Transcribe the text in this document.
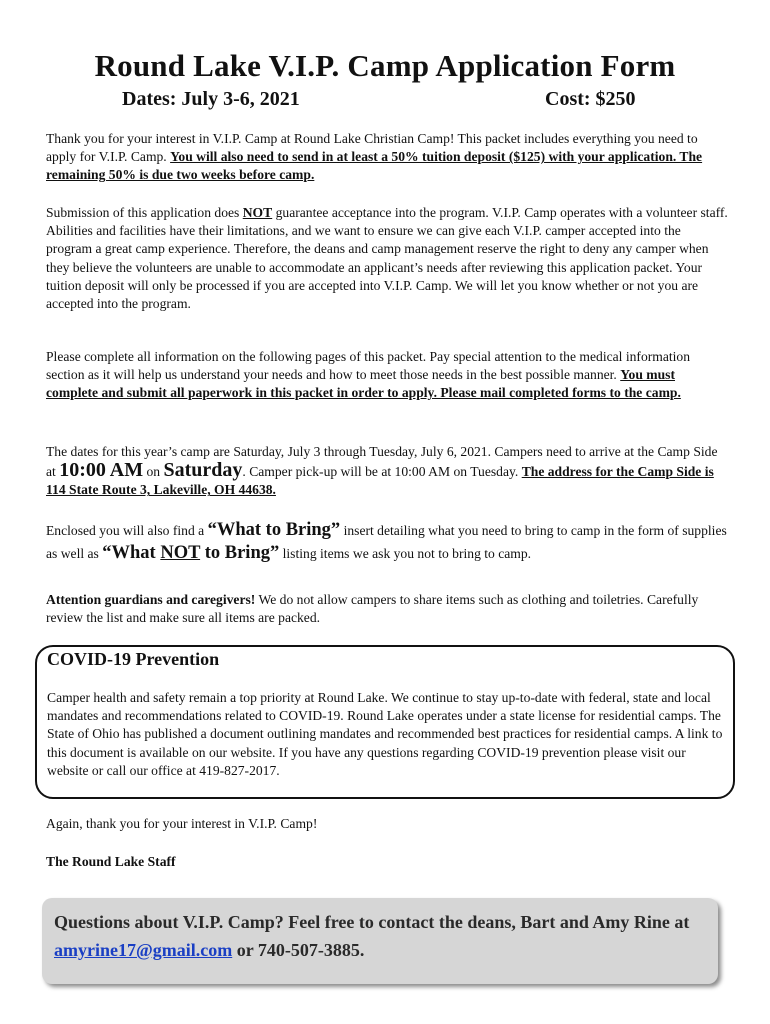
Round Lake V.I.P. Camp Application Form
Dates: July 3-6, 2021	Cost: $250
Thank you for your interest in V.I.P. Camp at Round Lake Christian Camp! This packet includes everything you need to apply for V.I.P. Camp. You will also need to send in at least a 50% tuition deposit ($125) with your application. The remaining 50% is due two weeks before camp.
Submission of this application does NOT guarantee acceptance into the program. V.I.P. Camp operates with a volunteer staff. Abilities and facilities have their limitations, and we want to ensure we can give each V.I.P. camper accepted into the program a great camp experience. Therefore, the deans and camp management reserve the right to deny any camper when they believe the volunteers are unable to accommodate an applicant’s needs after reviewing this application packet. Your tuition deposit will only be processed if you are accepted into V.I.P. Camp. We will let you know whether or not you are accepted into the program.
Please complete all information on the following pages of this packet. Pay special attention to the medical information section as it will help us understand your needs and how to meet those needs in the best possible manner. You must complete and submit all paperwork in this packet in order to apply. Please mail completed forms to the camp.
The dates for this year’s camp are Saturday, July 3 through Tuesday, July 6, 2021. Campers need to arrive at the Camp Side at 10:00 AM on Saturday. Camper pick-up will be at 10:00 AM on Tuesday. The address for the Camp Side is 114 State Route 3, Lakeville, OH 44638.
Enclosed you will also find a “What to Bring” insert detailing what you need to bring to camp in the form of supplies as well as “What NOT to Bring” listing items we ask you not to bring to camp.
Attention guardians and caregivers! We do not allow campers to share items such as clothing and toiletries. Carefully review the list and make sure all items are packed.
COVID-19 Prevention
Camper health and safety remain a top priority at Round Lake. We continue to stay up-to-date with federal, state and local mandates and recommendations related to COVID-19. Round Lake operates under a state license for residential camps. The State of Ohio has published a document outlining mandates and recommended best practices for residential camps. A link to this document is available on our website. If you have any questions regarding COVID-19 prevention please visit our website or call our office at 419-827-2017.
Again, thank you for your interest in V.I.P. Camp!
The Round Lake Staff
Questions about V.I.P. Camp? Feel free to contact the deans, Bart and Amy Rine at amyrine17@gmail.com or 740-507-3885.
